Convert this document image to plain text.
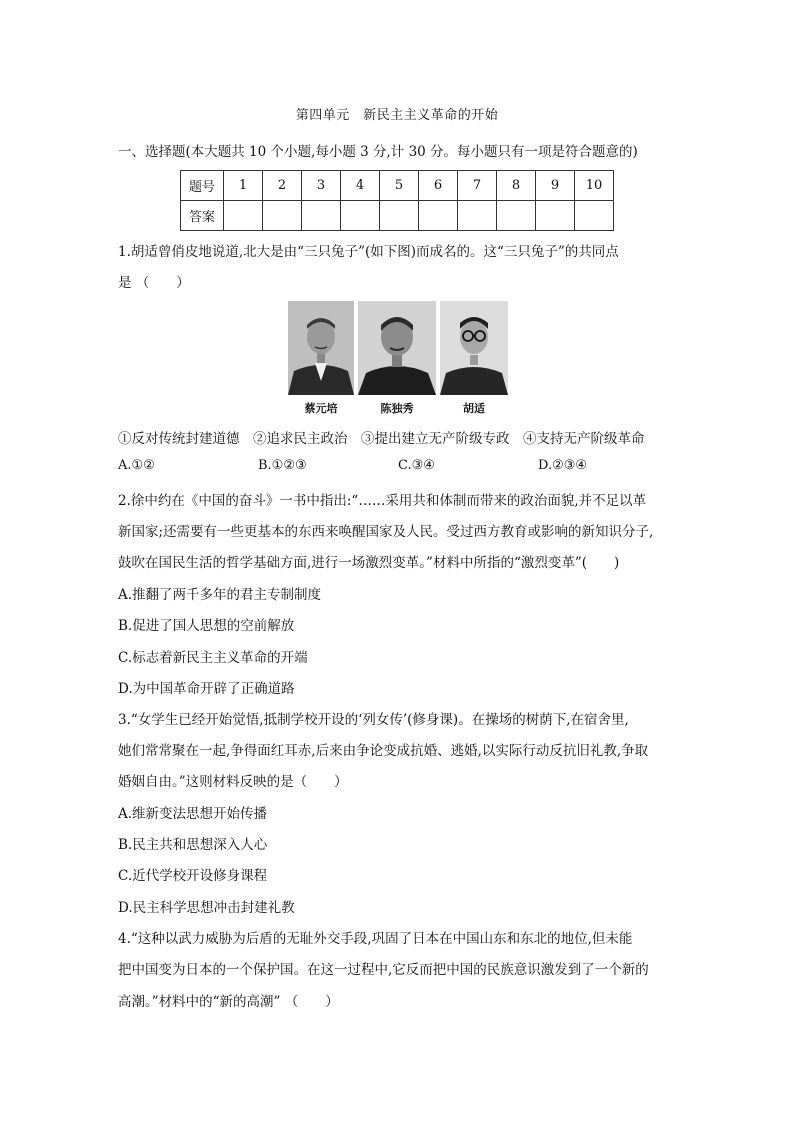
第四单元　新民主主义革命的开始
一、选择题(本大题共 10 个小题,每小题 3 分,计 30 分。每小题只有一项是符合题意的)
题号	1	2	3	4	5	6	7	8	9	10
答案										
1.胡适曾俏皮地说道,北大是由“三只兔子”(如下图)而成名的。这“三只兔子”的共同点
是 （　　）
蔡元培	陈独秀	胡适
①反对传统封建道德　②追求民主政治　③提出建立无产阶级专政　④支持无产阶级革命
A.①②	B.①②③	C.③④	D.②③④
2.徐中约在《中国的奋斗》一书中指出:“……采用共和体制而带来的政治面貌,并不足以革
新国家;还需要有一些更基本的东西来唤醒国家及人民。受过西方教育或影响的新知识分子,
鼓吹在国民生活的哲学基础方面,进行一场激烈变革。”材料中所指的“激烈变革”(　　)
A.推翻了两千多年的君主专制制度
B.促进了国人思想的空前解放
C.标志着新民主主义革命的开端
D.为中国革命开辟了正确道路
3.“女学生已经开始觉悟,抵制学校开设的‘列女传’(修身课)。在操场的树荫下,在宿舍里,
她们常常聚在一起,争得面红耳赤,后来由争论变成抗婚、逃婚,以实际行动反抗旧礼教,争取
婚姻自由。”这则材料反映的是（　　）
A.维新变法思想开始传播
B.民主共和思想深入人心
C.近代学校开设修身课程
D.民主科学思想冲击封建礼教
4.“这种以武力威胁为后盾的无耻外交手段,巩固了日本在中国山东和东北的地位,但未能
把中国变为日本的一个保护国。在这一过程中,它反而把中国的民族意识激发到了一个新的
高潮。”材料中的“新的高潮” （　　）
